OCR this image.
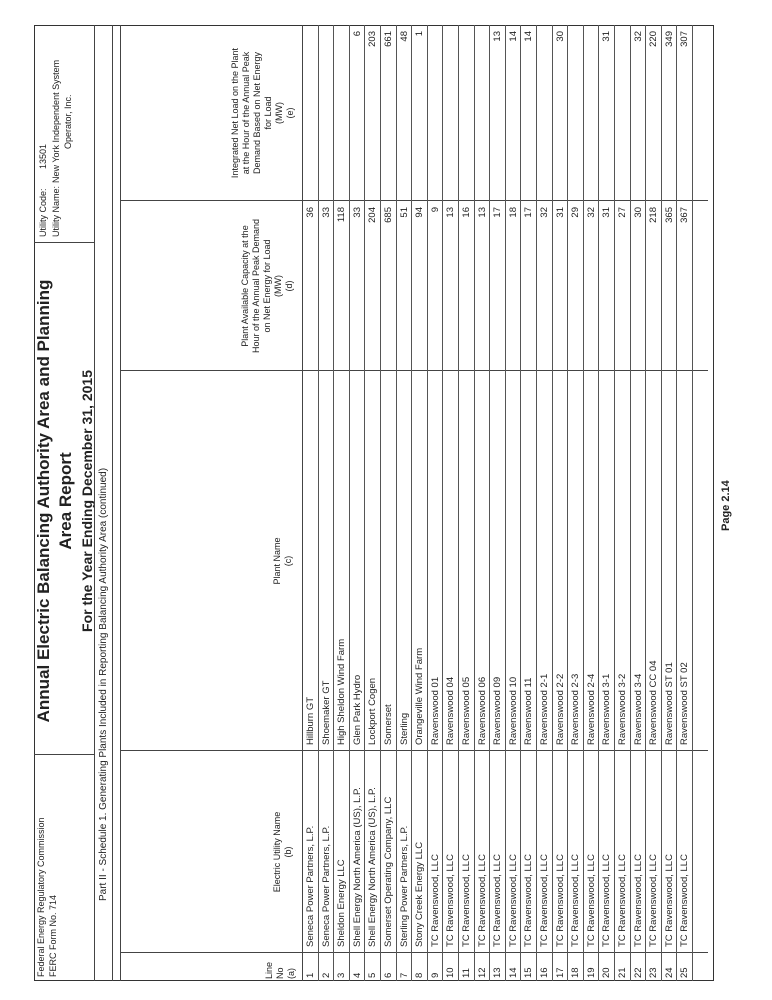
Federal Energy Regulatory Commission FERC Form No. 714
Annual Electric Balancing Authority Area and Planning Area Report For the Year Ending December 31, 2015
Utility Code:
13501
Utility Name:
New York Independent System Operator, Inc.
Part II - Schedule 1. Generating Plants Included in Reporting Balancing Authority Area (continued)
Line No (a)
Electric Utility Name (b)
Plant Name (c)
Plant Available Capacity at the Hour of the Annual Peak Demand on Net Energy for Load (MW) (d)
Integrated Net Load on the Plant at the Hour of the Annual Peak Demand Based on Net Energy for Load (MW) (e)
1
Seneca Power Partners, L.P.
Hillburn GT
36
2
Seneca Power Partners, L.P.
Shoemaker GT
33
3
Sheldon Energy LLC
High Sheldon Wind Farm
118
4
Shell Energy North America (US), L.P.
Glen Park Hydro
33
6
5
Shell Energy North America (US), L.P.
Lockport Cogen
204
203
6
Somerset Operating Company, LLC
Somerset
685
661
7
Sterling Power Partners, L.P.
Sterling
51
48
8
Stony Creek Energy LLC
Orangeville Wind Farm
94
1
9
TC Ravenswood, LLC
Ravenswood 01
9
10
TC Ravenswood, LLC
Ravenswood 04
13
11
TC Ravenswood, LLC
Ravenswood 05
16
12
TC Ravenswood, LLC
Ravenswood 06
13
13
TC Ravenswood, LLC
Ravenswood 09
17
13
14
TC Ravenswood, LLC
Ravenswood 10
18
14
15
TC Ravenswood, LLC
Ravenswood 11
17
14
16
TC Ravenswood, LLC
Ravenswood 2-1
32
17
TC Ravenswood, LLC
Ravenswood 2-2
31
30
18
TC Ravenswood, LLC
Ravenswood 2-3
29
19
TC Ravenswood, LLC
Ravenswood 2-4
32
20
TC Ravenswood, LLC
Ravenswood 3-1
31
31
21
TC Ravenswood, LLC
Ravenswood 3-2
27
22
TC Ravenswood, LLC
Ravenswood 3-4
30
32
23
TC Ravenswood, LLC
Ravenswood CC 04
218
220
24
TC Ravenswood, LLC
Ravenswood ST 01
365
349
25
TC Ravenswood, LLC
Ravenswood ST 02
367
307
Page 2.14
